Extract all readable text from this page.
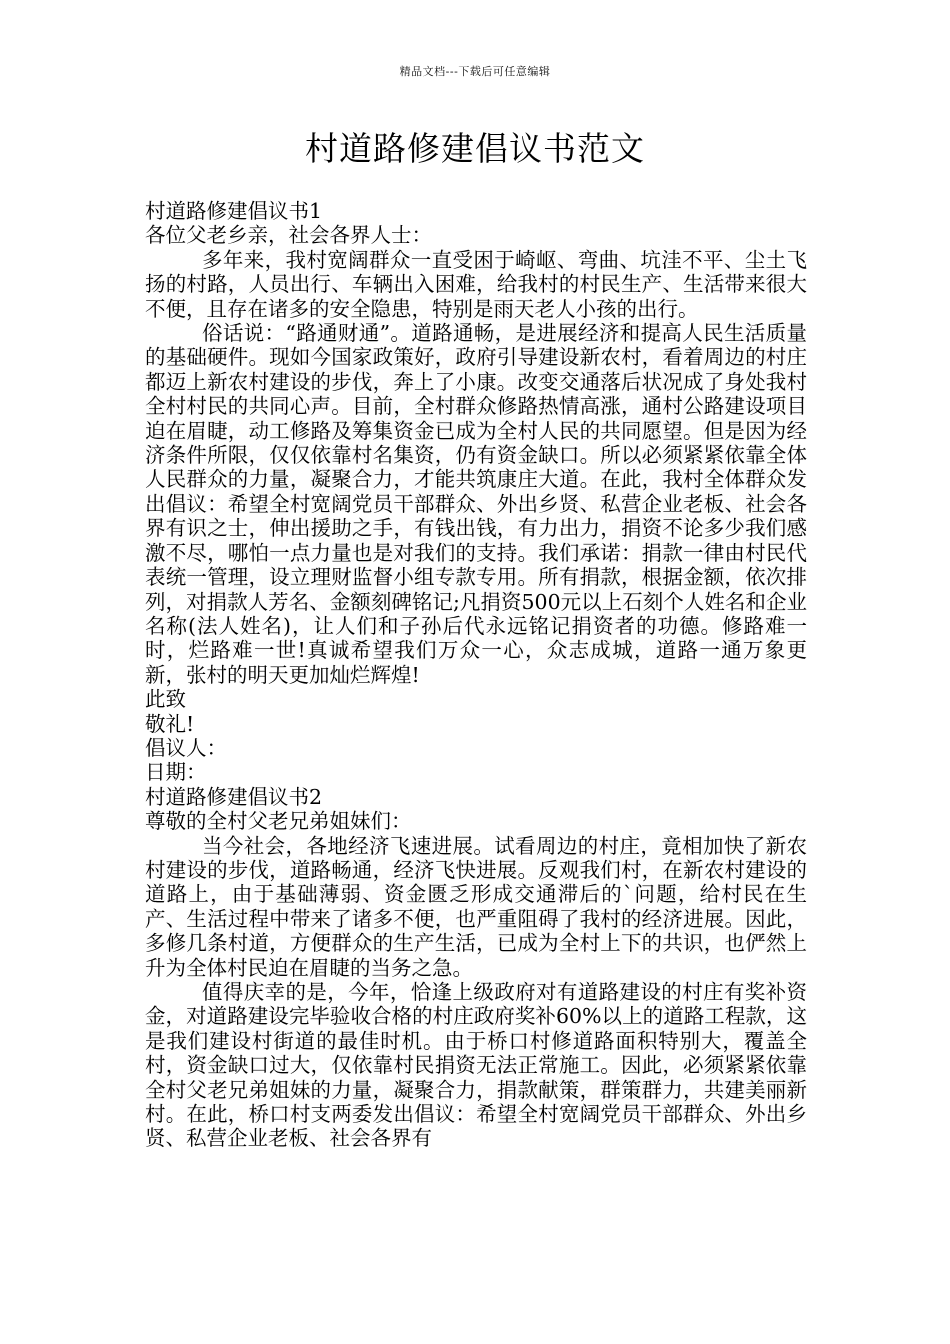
精品文档---下载后可任意编辑
村道路修建倡议书范文

村道路修建倡议书1

各位父老乡亲，社会各界人士：

多年来，我村宽阔群众一直受困于崎岖、弯曲、坑洼不平、尘土飞扬的村路，人员出行、车辆出入困难，给我村的村民生产、生活带来很大不便，且存在诸多的安全隐患，特别是雨天老人小孩的出行。

俗话说：“路通财通”。道路通畅，是进展经济和提高人民生活质量的基础硬件。现如今国家政策好，政府引导建设新农村，看着周边的村庄都迈上新农村建设的步伐，奔上了小康。改变交通落后状况成了身处我村全村村民的共同心声。目前，全村群众修路热情高涨，通村公路建设项目迫在眉睫，动工修路及筹集资金已成为全村人民的共同愿望。但是因为经济条件所限，仅仅依靠村名集资，仍有资金缺口。所以必须紧紧依靠全体人民群众的力量，凝聚合力，才能共筑康庄大道。在此，我村全体群众发出倡议：希望全村宽阔党员干部群众、外出乡贤、私营企业老板、社会各界有识之士，伸出援助之手，有钱出钱，有力出力，捐资不论多少我们感激不尽，哪怕一点力量也是对我们的支持。我们承诺：捐款一律由村民代表统一管理，设立理财监督小组专款专用。所有捐款，根据金额，依次排列，对捐款人芳名、金额刻碑铭记;凡捐资500元以上石刻个人姓名和企业名称(法人姓名)，让人们和子孙后代永远铭记捐资者的功德。修路难一时，烂路难一世!真诚希望我们万众一心，众志成城，道路一通万象更新，张村的明天更加灿烂辉煌!

此致

敬礼!

倡议人：

日期：

村道路修建倡议书2

尊敬的全村父老兄弟姐妹们：

当今社会，各地经济飞速进展。试看周边的村庄，竟相加快了新农村建设的步伐，道路畅通，经济飞快进展。反观我们村，在新农村建设的道路上，由于基础薄弱、资金匮乏形成交通滞后的`问题，给村民在生产、生活过程中带来了诸多不便，也严重阻碍了我村的经济进展。因此，多修几条村道，方便群众的生产生活，已成为全村上下的共识，也俨然上升为全体村民迫在眉睫的当务之急。

值得庆幸的是，今年，恰逢上级政府对有道路建设的村庄有奖补资金，对道路建设完毕验收合格的村庄政府奖补60%以上的道路工程款，这是我们建设村街道的最佳时机。由于桥口村修道路面积特别大，覆盖全村，资金缺口过大，仅依靠村民捐资无法正常施工。因此，必须紧紧依靠全村父老兄弟姐妹的力量，凝聚合力，捐款献策，群策群力，共建美丽新村。在此，桥口村支两委发出倡议：希望全村宽阔党员干部群众、外出乡贤、私营企业老板、社会各界有
